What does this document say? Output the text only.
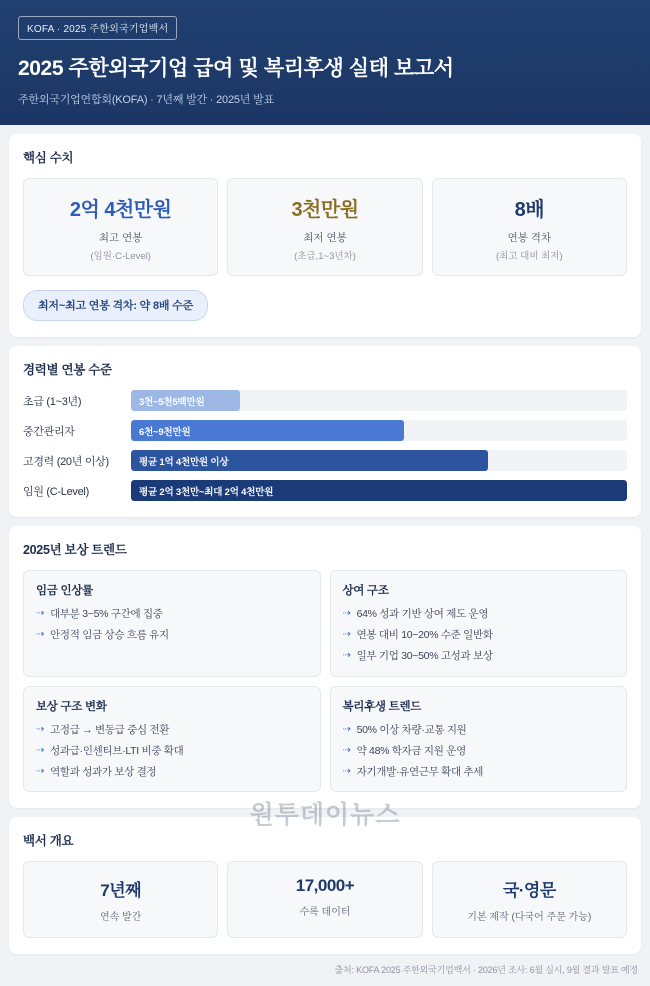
KOFA · 2025 주한외국기업백서
2025 주한외국기업 급여 및 복리후생 실태 보고서
주한외국기업연합회(KOFA) · 7년째 발간 · 2025년 발표
핵심 수치
2억 4천만원
최고 연봉
(임원·C-Level)
3천만원
최저 연봉
(초급,1~3년차)
8배
연봉 격차
(최고 대비 최저)
최저~최고 연봉 격차: 약 8배 수준
경력별 연봉 수준
초급 (1~3년)	3천~5천5백만원
중간관리자	6천~9천만원
고경력 (20년 이상)	평균 1억 4천만원 이상
임원 (C-Level)	평균 2억 3천만~최대 2억 4천만원
2025년 보상 트렌드
임금 인상률
⇢ 대부분 3~5% 구간에 집중
⇢ 안정적 임금 상승 흐름 유지
상여 구조
⇢ 64% 성과 기반 상여 제도 운영
⇢ 연봉 대비 10~20% 수준 일반화
⇢ 일부 기업 30~50% 고성과 보상
보상 구조 변화
⇢ 고정급 → 변동급 중심 전환
⇢ 성과급·인센티브·LTI 비중 확대
⇢ 역할과 성과가 보상 결정
복리후생 트렌드
⇢ 50% 이상 차량·교통 지원
⇢ 약 48% 학자금 지원 운영
⇢ 자기개발·유연근무 확대 추세
백서 개요
7년째
연속 발간
17,000+
수록 데이터
국·영문
기본 제작 (다국어 주문 가능)
출처: KOFA 2025 주한외국기업백서 · 2026년 조사: 6월 실시, 9월 결과 발표 예정
원투데이뉴스
